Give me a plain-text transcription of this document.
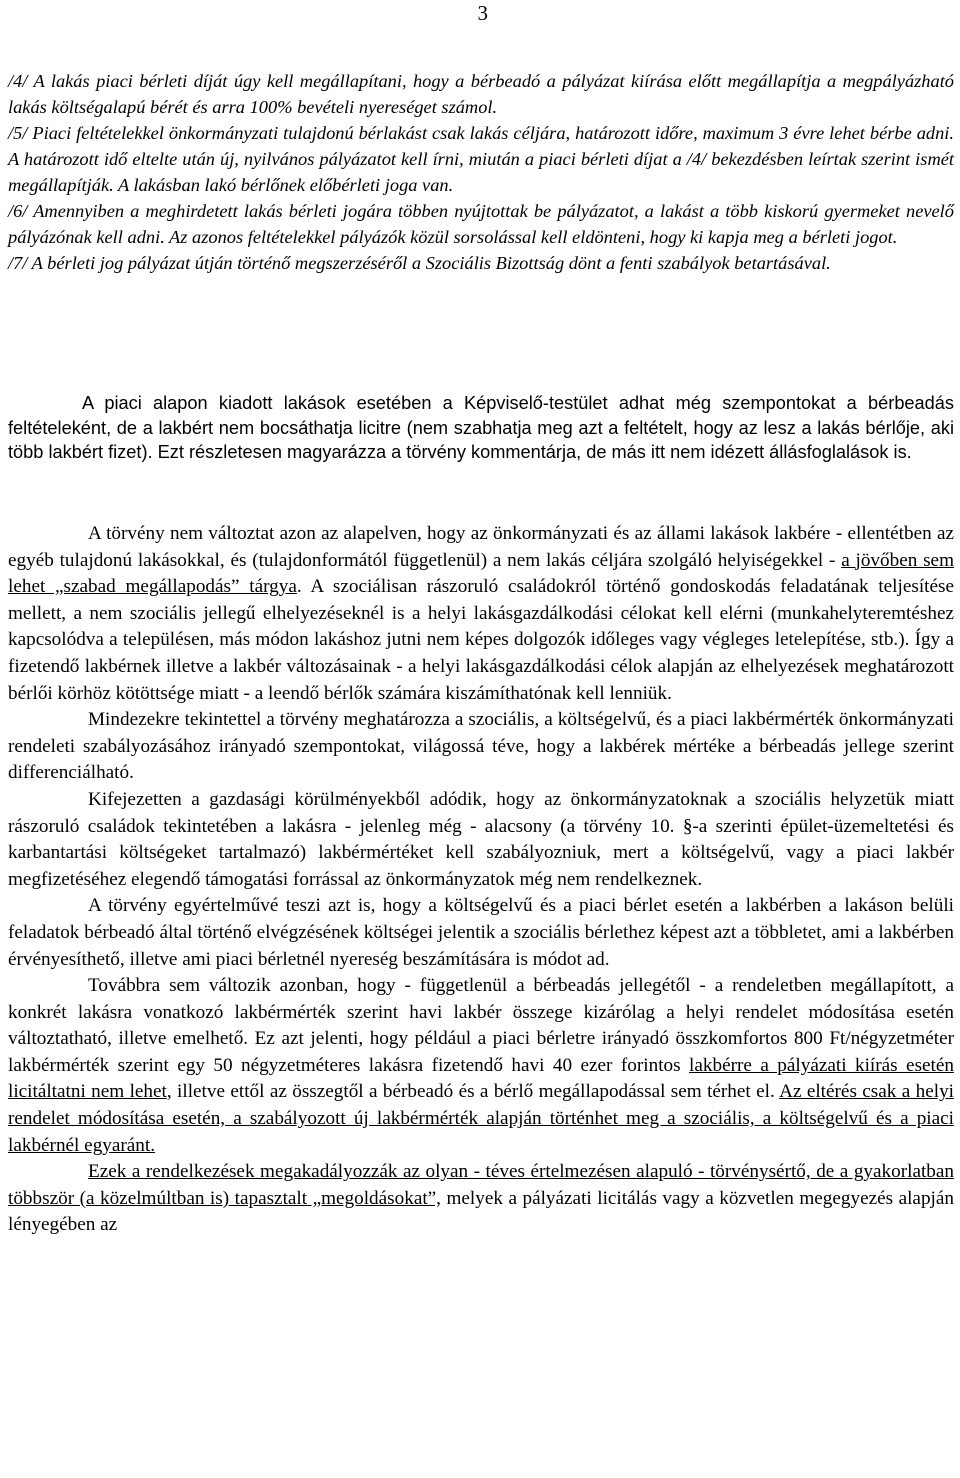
3

/4/ A lakás piaci bérleti díját úgy kell megállapítani, hogy a bérbeadó a pályázat kiírása előtt megállapítja a megpályázható lakás költségalapú bérét és arra 100% bevételi nyereséget számol.

/5/ Piaci feltételekkel önkormányzati tulajdonú bérlakást csak lakás céljára, határozott időre, maximum 3 évre lehet bérbe adni. A határozott idő eltelte után új, nyilvános pályázatot kell írni, miután a piaci bérleti díjat a /4/ bekezdésben leírtak szerint ismét megállapítják. A lakásban lakó bérlőnek előbérleti joga van.

/6/ Amennyiben a meghirdetett lakás bérleti jogára többen nyújtottak be pályázatot, a lakást a több kiskorú gyermeket nevelő pályázónak kell adni. Az azonos feltételekkel pályázók közül sorsolással kell eldönteni, hogy ki kapja meg a bérleti jogot.

/7/ A bérleti jog pályázat útján történő megszerzéséről a Szociális Bizottság dönt a fenti szabályok betartásával.

A piaci alapon kiadott lakások esetében a Képviselő-testület adhat még szempontokat a bérbeadás feltételeként, de a lakbért nem bocsáthatja licitre (nem szabhatja meg azt a feltételt, hogy az lesz a lakás bérlője, aki több lakbért fizet). Ezt részletesen magyarázza a törvény kommentárja, de más itt nem idézett állásfoglalások is.

A törvény nem változtat azon az alapelven, hogy az önkormányzati és az állami lakások lakbére - ellentétben az egyéb tulajdonú lakásokkal, és (tulajdonformától függetlenül) a nem lakás céljára szolgáló helyiségekkel - a jövőben sem lehet „szabad megállapodás” tárgya. A szociálisan rászoruló családokról történő gondoskodás feladatának teljesítése mellett, a nem szociális jellegű elhelyezéseknél is a helyi lakásgazdálkodási célokat kell elérni (munkahelyteremtéshez kapcsolódva a településen, más módon lakáshoz jutni nem képes dolgozók időleges vagy végleges letelepítése, stb.). Így a fizetendő lakbérnek illetve a lakbér változásainak - a helyi lakásgazdálkodási célok alapján az elhelyezések meghatározott bérlői körhöz kötöttsége miatt - a leendő bérlők számára kiszámíthatónak kell lenniük.

Mindezekre tekintettel a törvény meghatározza a szociális, a költségelvű, és a piaci lakbérmérték önkormányzati rendeleti szabályozásához irányadó szempontokat, világossá téve, hogy a lakbérek mértéke a bérbeadás jellege szerint differenciálható.

Kifejezetten a gazdasági körülményekből adódik, hogy az önkormányzatoknak a szociális helyzetük miatt rászoruló családok tekintetében a lakásra - jelenleg még - alacsony (a törvény 10. §-a szerinti épület-üzemeltetési és karbantartási költségeket tartalmazó) lakbérmértéket kell szabályozniuk, mert a költségelvű, vagy a piaci lakbér megfizetéséhez elegendő támogatási forrással az önkormányzatok még nem rendelkeznek.

A törvény egyértelművé teszi azt is, hogy a költségelvű és a piaci bérlet esetén a lakbérben a lakáson belüli feladatok bérbeadó által történő elvégzésének költségei jelentik a szociális bérlethez képest azt a többletet, ami a lakbérben érvényesíthető, illetve ami piaci bérletnél nyereség beszámítására is módot ad.

Továbbra sem változik azonban, hogy - függetlenül a bérbeadás jellegétől - a rendeletben megállapított, a konkrét lakásra vonatkozó lakbérmérték szerint havi lakbér összege kizárólag a helyi rendelet módosítása esetén változtatható, illetve emelhető. Ez azt jelenti, hogy például a piaci bérletre irányadó összkomfortos 800 Ft/négyzetméter lakbérmérték szerint egy 50 négyzetméteres lakásra fizetendő havi 40 ezer forintos lakbérre a pályázati kiírás esetén licitáltatni nem lehet, illetve ettől az összegtől a bérbeadó és a bérlő megállapodással sem térhet el. Az eltérés csak a helyi rendelet módosítása esetén, a szabályozott új lakbérmérték alapján történhet meg a szociális, a költségelvű és a piaci lakbérnél egyaránt.

Ezek a rendelkezések megakadályozzák az olyan - téves értelmezésen alapuló - törvénysértő, de a gyakorlatban többször (a közelmúltban is) tapasztalt „megoldásokat”, melyek a pályázati licitálás vagy a közvetlen megegyezés alapján lényegében az
